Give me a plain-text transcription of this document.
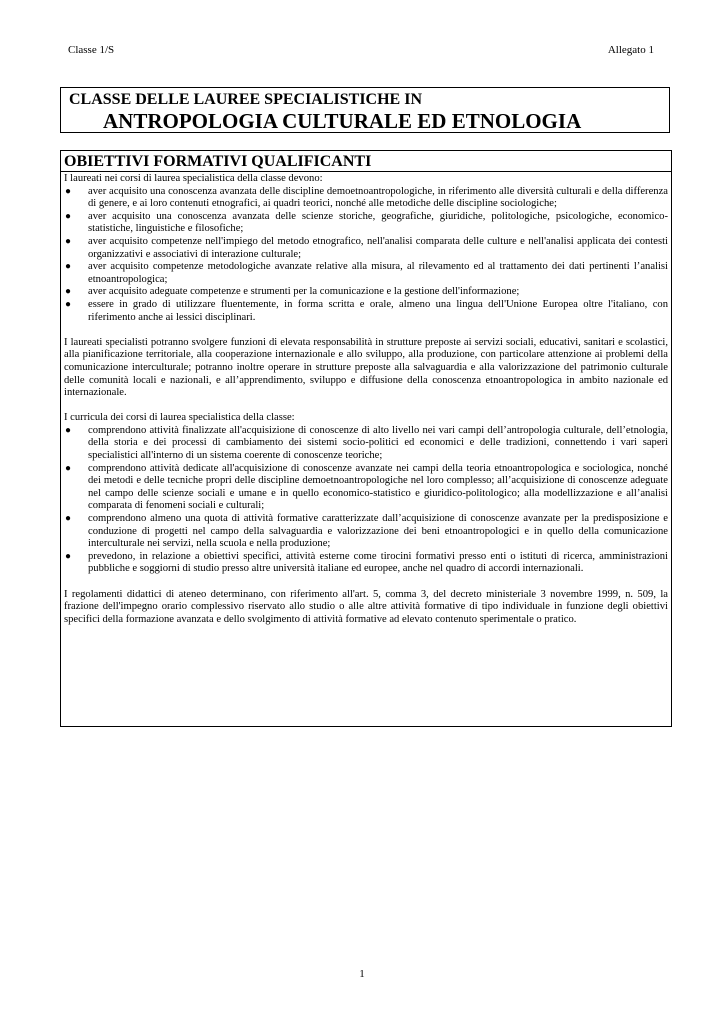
Classe 1/S	Allegato 1
CLASSE DELLE LAUREE SPECIALISTICHE IN
ANTROPOLOGIA CULTURALE ED ETNOLOGIA
OBIETTIVI FORMATIVI QUALIFICANTI

I laureati nei corsi di laurea specialistica della classe devono:

● aver acquisito una conoscenza avanzata delle discipline demoetnoantropologiche, in riferimento alle diversità culturali e della differenza di genere, e ai loro contenuti etnografici, ai quadri teorici, nonché alle metodiche delle discipline sociologiche;
● aver acquisito una conoscenza avanzata delle scienze storiche, geografiche, giuridiche, politologiche, psicologiche, economico-statistiche, linguistiche e filosofiche;
● aver acquisito competenze nell'impiego del metodo etnografico, nell'analisi comparata delle culture e nell'analisi applicata dei contesti organizzativi e associativi di interazione culturale;
● aver acquisito competenze metodologiche avanzate relative alla misura, al rilevamento ed al trattamento dei dati pertinenti l’analisi etnoantropologica;
● aver acquisito adeguate competenze e strumenti per la comunicazione e la gestione dell'informazione;
● essere in grado di utilizzare fluentemente, in forma scritta e orale, almeno una lingua dell'Unione Europea oltre l'italiano, con riferimento anche ai lessici disciplinari.

I laureati specialisti potranno svolgere funzioni di elevata responsabilità in strutture preposte ai servizi sociali, educativi, sanitari e scolastici, alla pianificazione territoriale, alla cooperazione internazionale e allo sviluppo, alla produzione, con particolare attenzione ai problemi della comunicazione interculturale; potranno inoltre operare in strutture preposte alla salvaguardia e alla valorizzazione del patrimonio culturale delle comunità locali e nazionali, e all’apprendimento, sviluppo e diffusione della conoscenza etnoantropologica in ambito nazionale ed internazionale.

I curricula dei corsi di laurea specialistica della classe:

● comprendono attività finalizzate all'acquisizione di conoscenze di alto livello nei vari campi dell’antropologia culturale, dell’etnologia, della storia e dei processi di cambiamento dei sistemi socio-politici ed economici e delle tradizioni, connettendo i vari saperi specialistici all'interno di un sistema coerente di conoscenze teoriche;
● comprendono attività dedicate all'acquisizione di conoscenze avanzate nei campi della teoria etnoantropologica e sociologica, nonché dei metodi e delle tecniche propri delle discipline demoetnoantropologiche nel loro complesso; all’acquisizione di conoscenze adeguate nel campo delle scienze sociali e umane e in quello economico-statistico e giuridico-politologico; alla modellizzazione e all’analisi comparata di fenomeni sociali e culturali;
● comprendono almeno una quota di attività formative caratterizzate dall’acquisizione di conoscenze avanzate per la predisposizione e conduzione di progetti nel campo della salvaguardia e valorizzazione dei beni etnoantropologici e in quello della comunicazione interculturale nei servizi, nella scuola e nella produzione;
● prevedono, in relazione a obiettivi specifici, attività esterne come tirocini formativi presso enti o istituti di ricerca, amministrazioni pubbliche e soggiorni di studio presso altre università italiane ed europee, anche nel quadro di accordi internazionali.

I regolamenti didattici di ateneo determinano, con riferimento all'art. 5, comma 3, del decreto ministeriale 3 novembre 1999, n. 509, la frazione dell'impegno orario complessivo riservato allo studio o alle altre attività formative di tipo individuale in funzione degli obiettivi specifici della formazione avanzata e dello svolgimento di attività formative ad elevato contenuto sperimentale o pratico.

1
